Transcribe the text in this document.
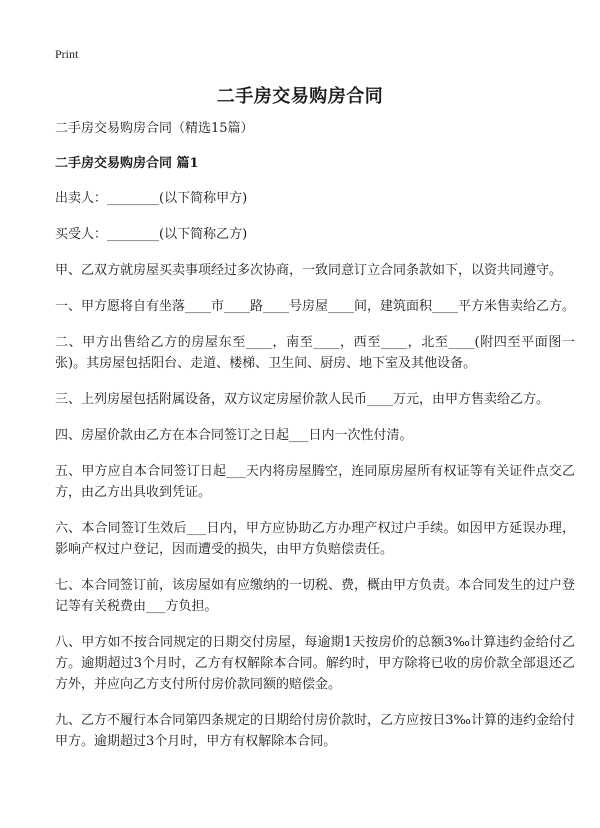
Print
二手房交易购房合同

二手房交易购房合同（精选15篇）

二手房交易购房合同 篇1

出卖人：________(以下简称甲方)

买受人：________(以下简称乙方)

甲、乙双方就房屋买卖事项经过多次协商，一致同意订立合同条款如下，以资共同遵守。

一、甲方愿将自有坐落____市____路____号房屋____间，建筑面积____平方米售卖给乙方。

二、甲方出售给乙方的房屋东至____，南至____，西至____，北至____(附四至平面图一张)。其房屋包括阳台、走道、楼梯、卫生间、厨房、地下室及其他设备。

三、上列房屋包括附属设备，双方议定房屋价款人民币____万元，由甲方售卖给乙方。

四、房屋价款由乙方在本合同签订之日起___日内一次性付清。

五、甲方应自本合同签订日起___天内将房屋腾空，连同原房屋所有权证等有关证件点交乙方，由乙方出具收到凭证。

六、本合同签订生效后___日内，甲方应协助乙方办理产权过户手续。如因甲方延误办理，影响产权过户登记，因而遭受的损失，由甲方负赔偿责任。

七、本合同签订前，该房屋如有应缴纳的一切税、费，概由甲方负责。本合同发生的过户登记等有关税费由___方负担。

八、甲方如不按合同规定的日期交付房屋，每逾期1天按房价的总额3‰计算违约金给付乙方。逾期超过3个月时，乙方有权解除本合同。解约时，甲方除将已收的房价款全部退还乙方外，并应向乙方支付所付房价款同额的赔偿金。

九、乙方不履行本合同第四条规定的日期给付房价款时，乙方应按日3‰计算的违约金给付甲方。逾期超过3个月时，甲方有权解除本合同。
